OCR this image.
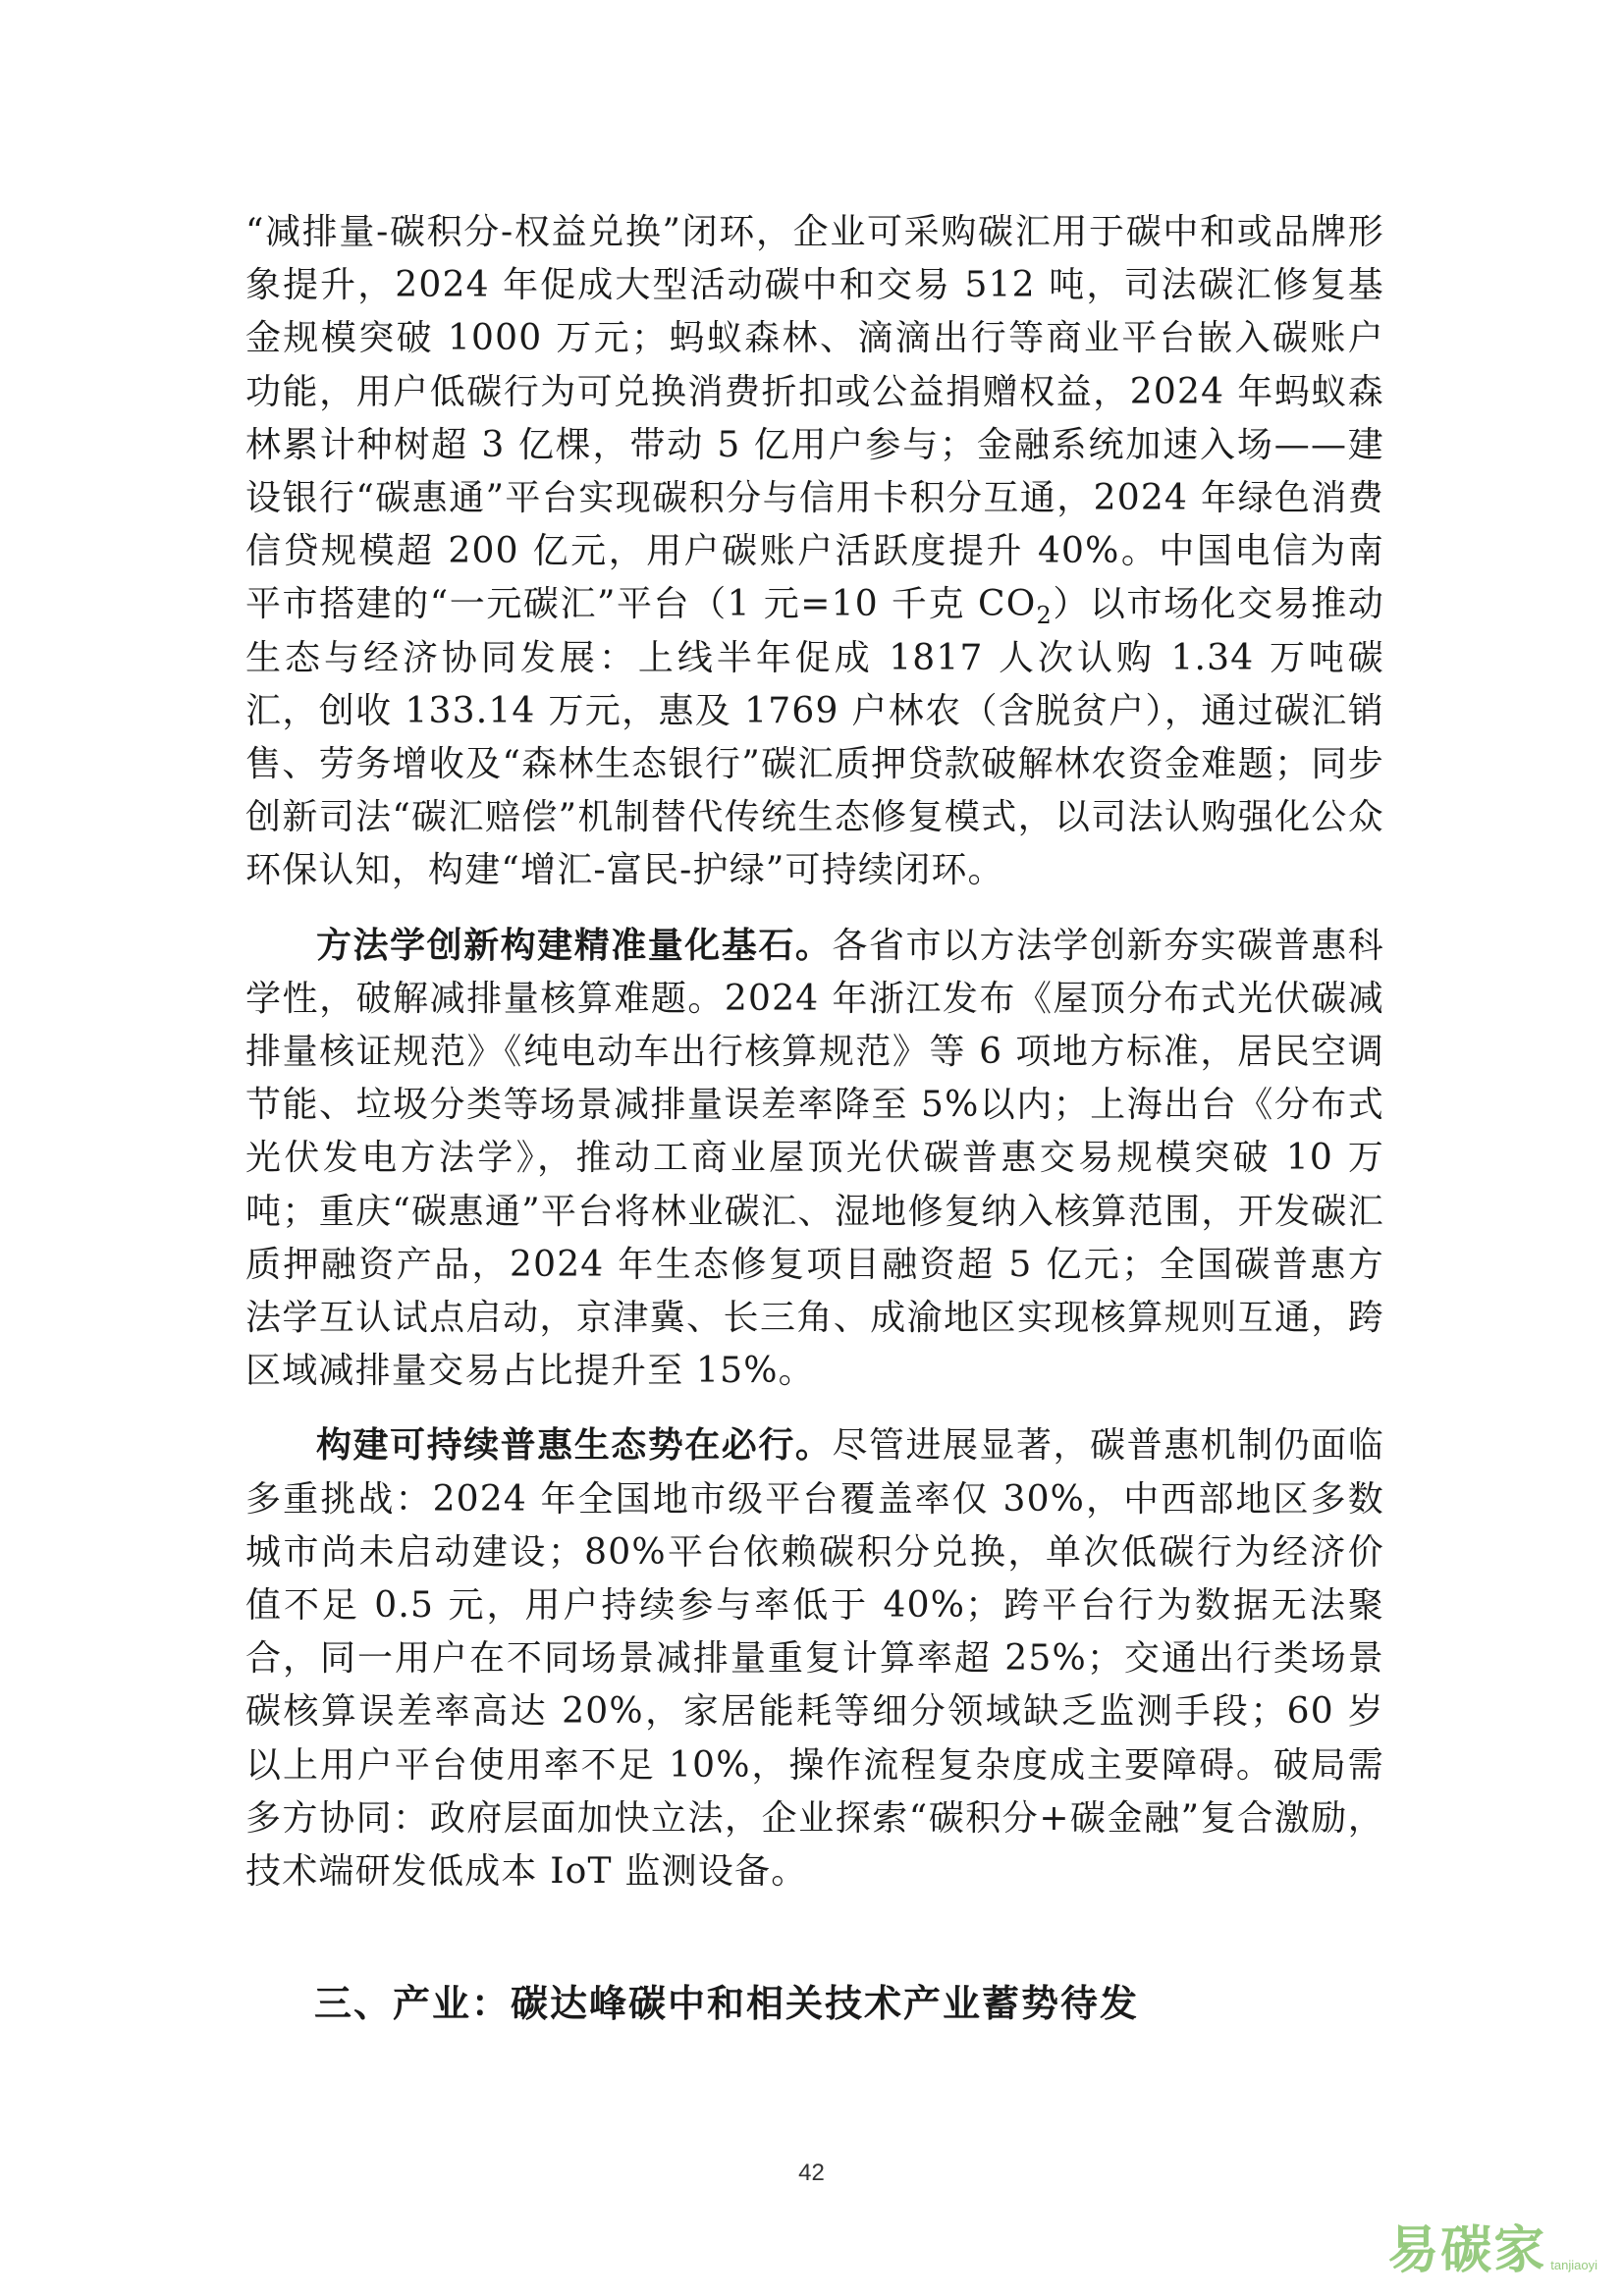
“减排量-碳积分-权益兑换”闭环，企业可采购碳汇用于碳中和或品牌形象提升，2024 年促成大型活动碳中和交易 512 吨，司法碳汇修复基金规模突破 1000 万元；蚂蚁森林、滴滴出行等商业平台嵌入碳账户功能，用户低碳行为可兑换消费折扣或公益捐赠权益，2024 年蚂蚁森林累计种树超 3 亿棵，带动 5 亿用户参与；金融系统加速入场——建设银行“碳惠通”平台实现碳积分与信用卡积分互通，2024 年绿色消费信贷规模超 200 亿元，用户碳账户活跃度提升 40%。中国电信为南平市搭建的“一元碳汇”平台（1 元=10 千克 $CO_2$）以市场化交易推动生态与经济协同发展：上线半年促成 1817 人次认购 1.34 万吨碳汇，创收 133.14 万元，惠及 1769 户林农（含脱贫户），通过碳汇销售、劳务增收及“森林生态银行”碳汇质押贷款破解林农资金难题；同步创新司法“碳汇赔偿”机制替代传统生态修复模式，以司法认购强化公众环保认知，构建“增汇-富民-护绿”可持续闭环。

方法学创新构建精准量化基石。各省市以方法学创新夯实碳普惠科学性，破解减排量核算难题。2024 年浙江发布《屋顶分布式光伏碳减排量核证规范》《纯电动车出行核算规范》等 6 项地方标准，居民空调节能、垃圾分类等场景减排量误差率降至 5%以内；上海出台《分布式光伏发电方法学》，推动工商业屋顶光伏碳普惠交易规模突破 10 万吨；重庆“碳惠通”平台将林业碳汇、湿地修复纳入核算范围，开发碳汇质押融资产品，2024 年生态修复项目融资超 5 亿元；全国碳普惠方法学互认试点启动，京津冀、长三角、成渝地区实现核算规则互通，跨区域减排量交易占比提升至 15%。

构建可持续普惠生态势在必行。尽管进展显著，碳普惠机制仍面临多重挑战：2024 年全国地市级平台覆盖率仅 30%，中西部地区多数城市尚未启动建设；80%平台依赖碳积分兑换，单次低碳行为经济价值不足 0.5 元，用户持续参与率低于 40%；跨平台行为数据无法聚合，同一用户在不同场景减排量重复计算率超 25%；交通出行类场景碳核算误差率高达 20%，家居能耗等细分领域缺乏监测手段；60 岁以上用户平台使用率不足 10%，操作流程复杂度成主要障碍。破局需多方协同：政府层面加快立法，企业探索“碳积分+碳金融”复合激励，技术端研发低成本 IoT 监测设备。

三、产业：碳达峰碳中和相关技术产业蓄势待发
42
易碳家 tanjiaoyi
